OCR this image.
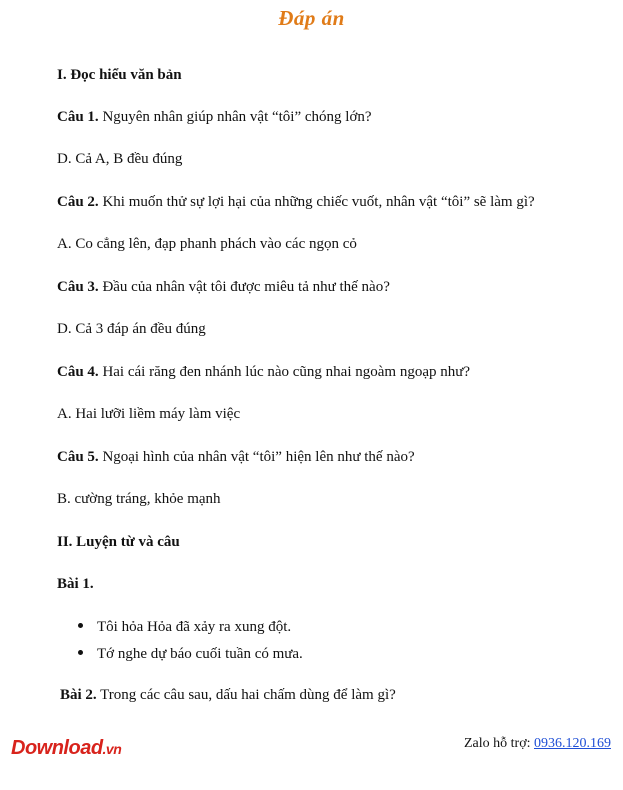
Đáp án
I. Đọc hiểu văn bản
Câu 1. Nguyên nhân giúp nhân vật “tôi” chóng lớn?
D. Cả A, B đều đúng
Câu 2. Khi muốn thử sự lợi hại của những chiếc vuốt, nhân vật “tôi” sẽ làm gì?
A. Co cẳng lên, đạp phanh phách vào các ngọn cỏ
Câu 3. Đầu của nhân vật tôi được miêu tả như thế nào?
D. Cả 3 đáp án đều đúng
Câu 4. Hai cái răng đen nhánh lúc nào cũng nhai ngoàm ngoạp như?
A. Hai lưỡi liềm máy làm việc
Câu 5. Ngoại hình của nhân vật “tôi” hiện lên như thế nào?
B. cường tráng, khỏe mạnh
II. Luyện từ và câu
Bài 1.
Tôi hỏa Hỏa đã xảy ra xung đột.
Tớ nghe dự báo cuối tuần có mưa.
Bài 2. Trong các câu sau, dấu hai chấm dùng để làm gì?
Download.vn	Zalo hỗ trợ: 0936.120.169
